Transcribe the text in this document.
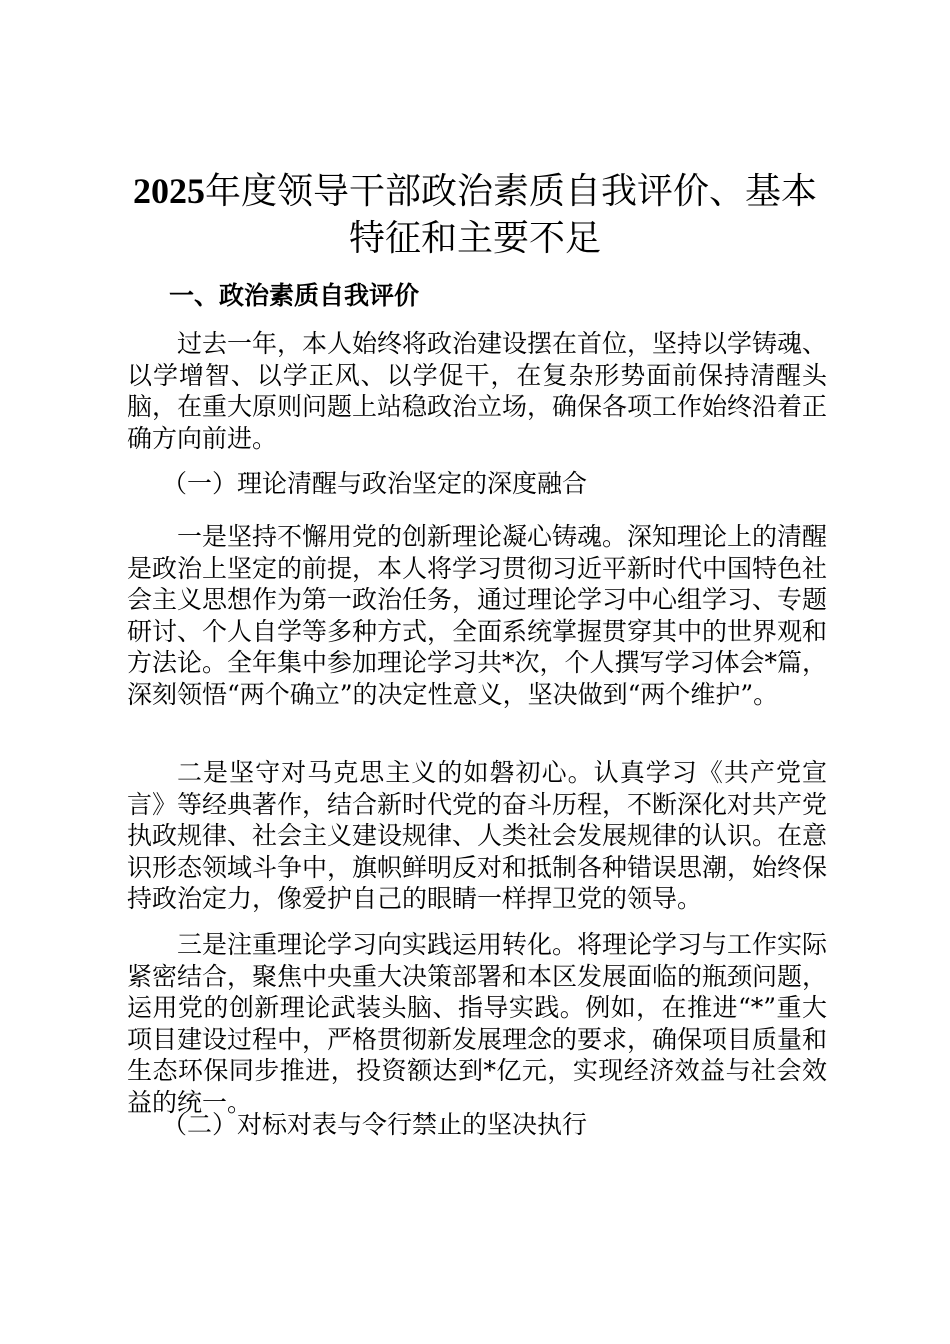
2025年度领导干部政治素质自我评价、基本
特征和主要不足
一、政治素质自我评价

过去一年，本人始终将政治建设摆在首位，坚持以学铸魂、以学增智、以学正风、以学促干，在复杂形势面前保持清醒头脑，在重大原则问题上站稳政治立场，确保各项工作始终沿着正确方向前进。

（一）理论清醒与政治坚定的深度融合

一是坚持不懈用党的创新理论凝心铸魂。深知理论上的清醒是政治上坚定的前提，本人将学习贯彻习近平新时代中国特色社会主义思想作为第一政治任务，通过理论学习中心组学习、专题研讨、个人自学等多种方式，全面系统掌握贯穿其中的世界观和方法论。全年集中参加理论学习共*次，个人撰写学习体会*篇，深刻领悟“两个确立”的决定性意义，坚决做到“两个维护”。

二是坚守对马克思主义的如磐初心。认真学习《共产党宣言》等经典著作，结合新时代党的奋斗历程，不断深化对共产党执政规律、社会主义建设规律、人类社会发展规律的认识。在意识形态领域斗争中，旗帜鲜明反对和抵制各种错误思潮，始终保持政治定力，像爱护自己的眼睛一样捍卫党的领导。

三是注重理论学习向实践运用转化。将理论学习与工作实际紧密结合，聚焦中央重大决策部署和本区发展面临的瓶颈问题，运用党的创新理论武装头脑、指导实践。例如，在推进“*”重大项目建设过程中，严格贯彻新发展理念的要求，确保项目质量和生态环保同步推进，投资额达到*亿元，实现经济效益与社会效益的统一。

（二）对标对表与令行禁止的坚决执行
